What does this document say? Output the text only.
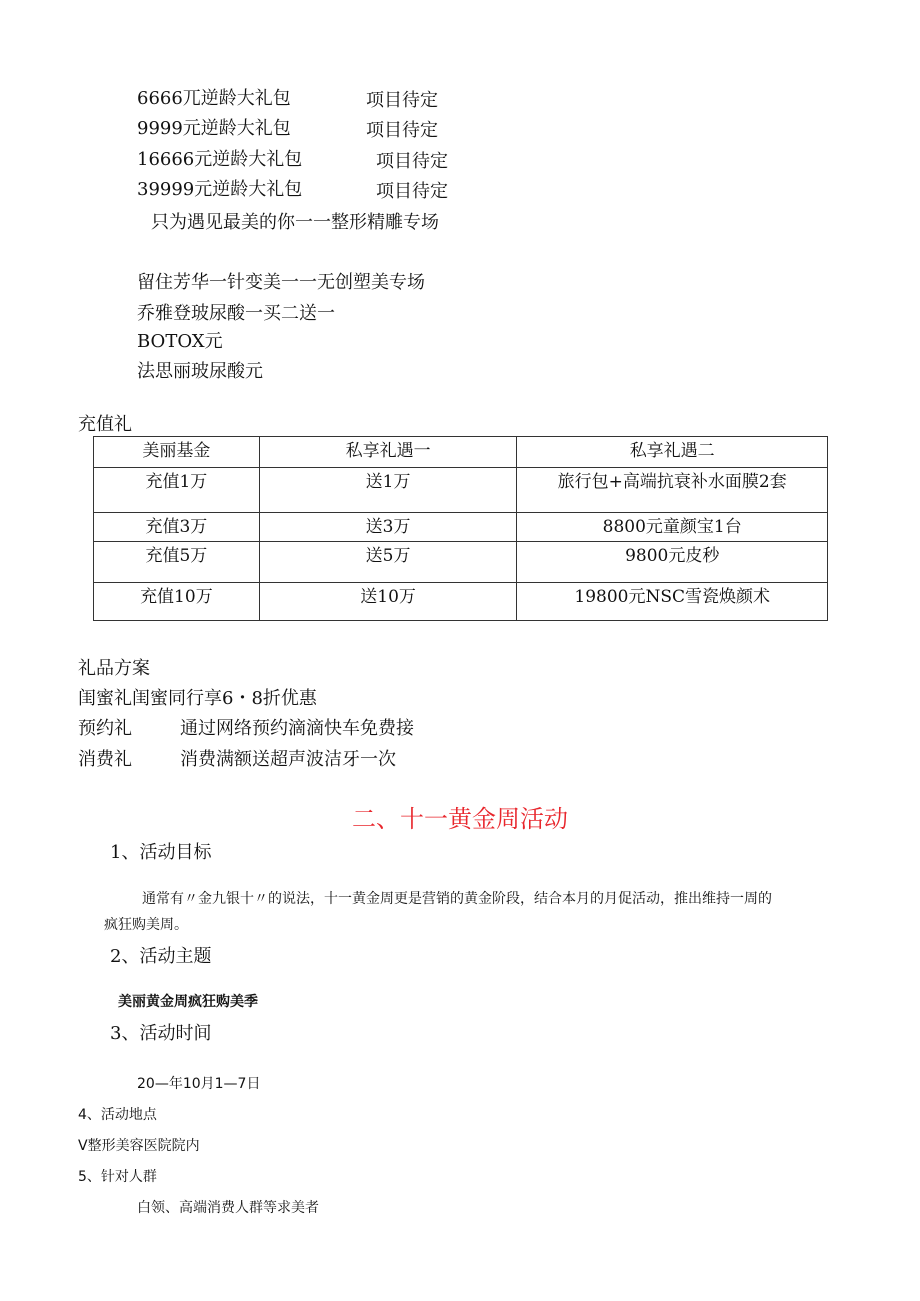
6666兀逆龄大礼包	项目待定
9999元逆龄大礼包	项目待定
16666元逆龄大礼包	项目待定
39999元逆龄大礼包	项目待定
只为遇见最美的你一一整形精雕专场
留住芳华一针变美一一无创塑美专场
乔雅登玻尿酸一买二送一
BOTOX元
法思丽玻尿酸元
充值礼
美丽基金	私享礼遇一	私享礼遇二
充值1万	送1万	旅行包+高端抗衰补水面膜2套
充值3万	送3万	8800元童颜宝1台
充值5万	送5万	9800元皮秒
充值10万	送10万	19800元NSC雪瓷焕颜术
礼品方案
闺蜜礼 闺蜜同行享6・8折优惠
预约礼	通过网络预约滴滴快车免费接
消费礼	消费满额送超声波洁牙一次
二、十一黄金周活动
1、活动目标
通常有〃金九银十〃的说法，十一黄金周更是营销的黄金阶段，结合本月的月促活动，推出维持一周的
疯狂购美周。
2、活动主题
美丽黄金周疯狂购美季
3、活动时间
20—年10月1—7日
4、活动地点
V整形美容医院院内
5、针对人群
白领、高端消费人群等求美者
